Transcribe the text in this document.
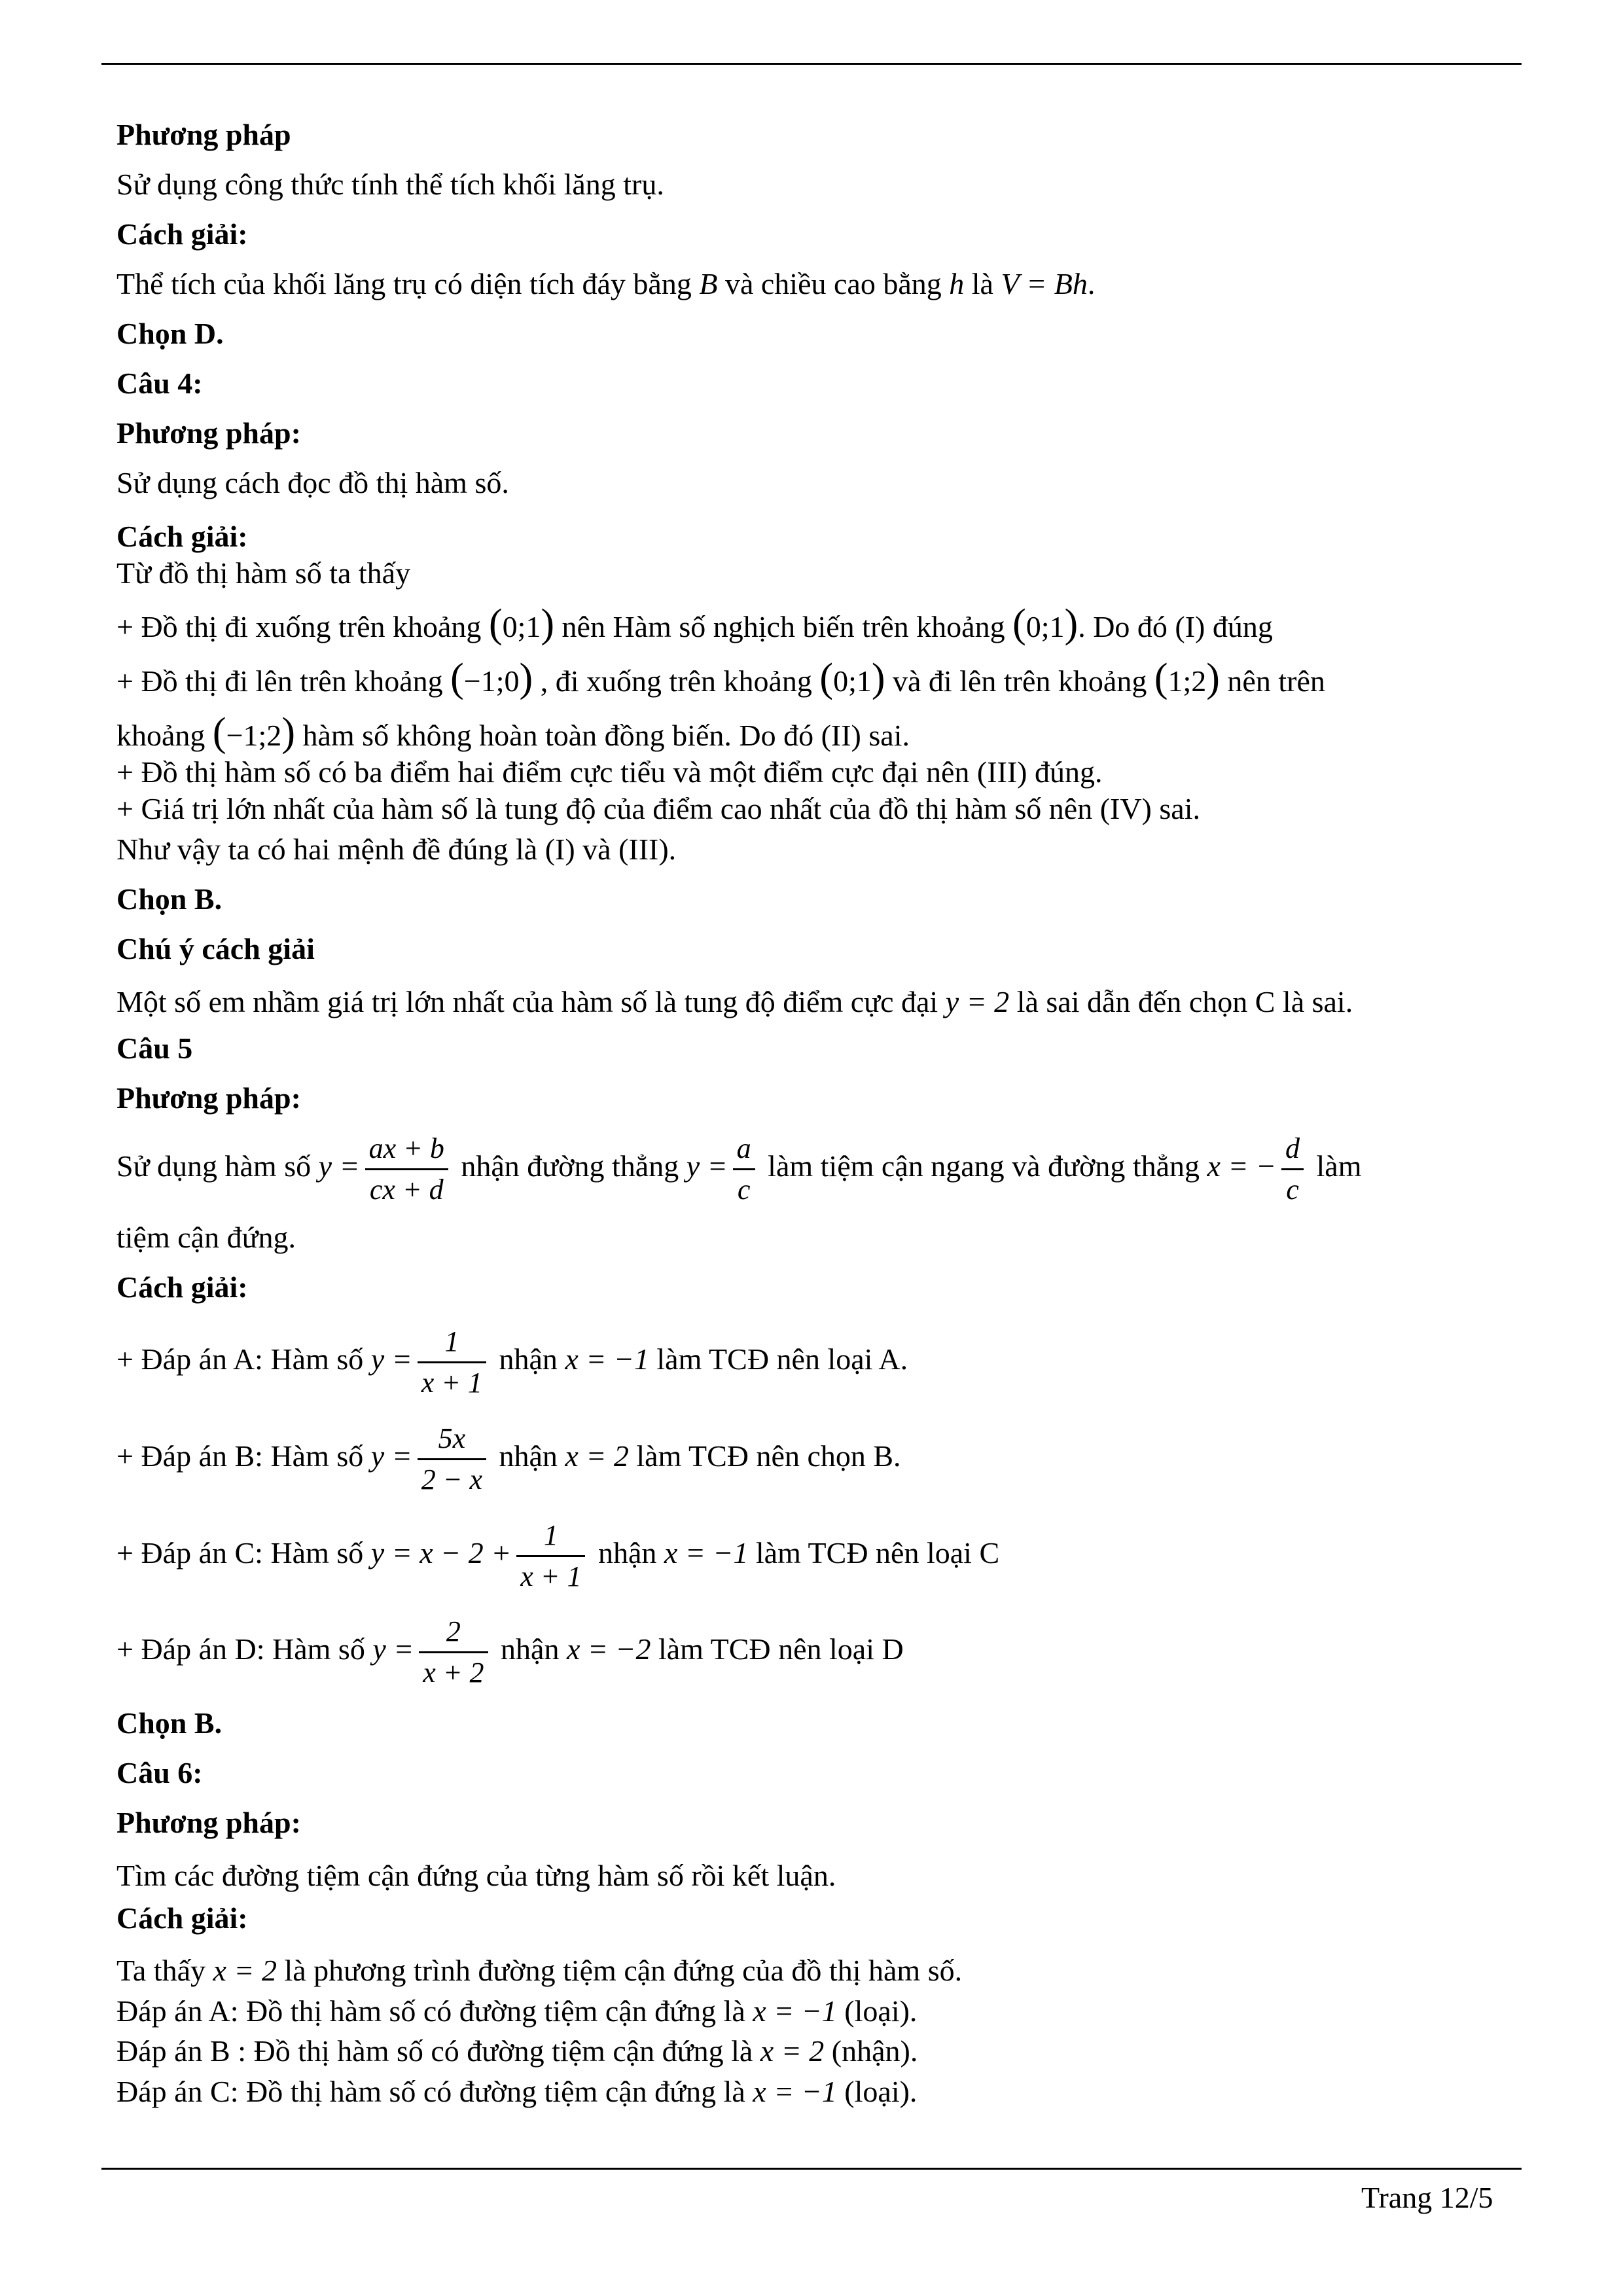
Phương pháp
Sử dụng công thức tính thể tích khối lăng trụ.
Cách giải:
Thể tích của khối lăng trụ có diện tích đáy bằng B và chiều cao bằng h là V = Bh.
Chọn D.
Câu 4:
Phương pháp:
Sử dụng cách đọc đồ thị hàm số.
Cách giải:
Từ đồ thị hàm số ta thấy
+ Đồ thị đi xuống trên khoảng (0;1) nên Hàm số nghịch biến trên khoảng (0;1). Do đó (I) đúng
+ Đồ thị đi lên trên khoảng (−1;0) , đi xuống trên khoảng (0;1) và đi lên trên khoảng (1;2) nên trên
khoảng (−1;2) hàm số không hoàn toàn đồng biến. Do đó (II) sai.
+ Đồ thị hàm số có ba điểm hai điểm cực tiểu và một điểm cực đại nên (III) đúng.
+ Giá trị lớn nhất của hàm số là tung độ của điểm cao nhất của đồ thị hàm số nên (IV) sai.
Như vậy ta có hai mệnh đề đúng là (I) và (III).
Chọn B.
Chú ý cách giải
Một số em nhầm giá trị lớn nhất của hàm số là tung độ điểm cực đại y = 2 là sai dẫn đến chọn C là sai.
Câu 5
Phương pháp:
Sử dụng hàm số $y = \frac{ax + b}{cx + d}$ nhận đường thẳng $y = \frac{a}{c}$ làm tiệm cận ngang và đường thẳng x = − $\frac{d}{c}$ làm
tiệm cận đứng.
Cách giải:
+ Đáp án A: Hàm số $y = \frac{1}{x + 1}$ nhận x = −1 làm TCĐ nên loại A.
+ Đáp án B: Hàm số $y = \frac{5x}{2 - x}$ nhận x = 2 làm TCĐ nên chọn B.
+ Đáp án C: Hàm số $y = x - 2 + \frac{1}{x + 1}$ nhận x = −1 làm TCĐ nên loại C
+ Đáp án D: Hàm số $y = \frac{2}{x + 2}$ nhận x = −2 làm TCĐ nên loại D
Chọn B.
Câu 6:
Phương pháp:
Tìm các đường tiệm cận đứng của từng hàm số rồi kết luận.
Cách giải:
Ta thấy x = 2 là phương trình đường tiệm cận đứng của đồ thị hàm số.
Đáp án A: Đồ thị hàm số có đường tiệm cận đứng là x = −1 (loại).
Đáp án B : Đồ thị hàm số có đường tiệm cận đứng là x = 2 (nhận).
Đáp án C: Đồ thị hàm số có đường tiệm cận đứng là x = −1 (loại).
Trang 12/5
